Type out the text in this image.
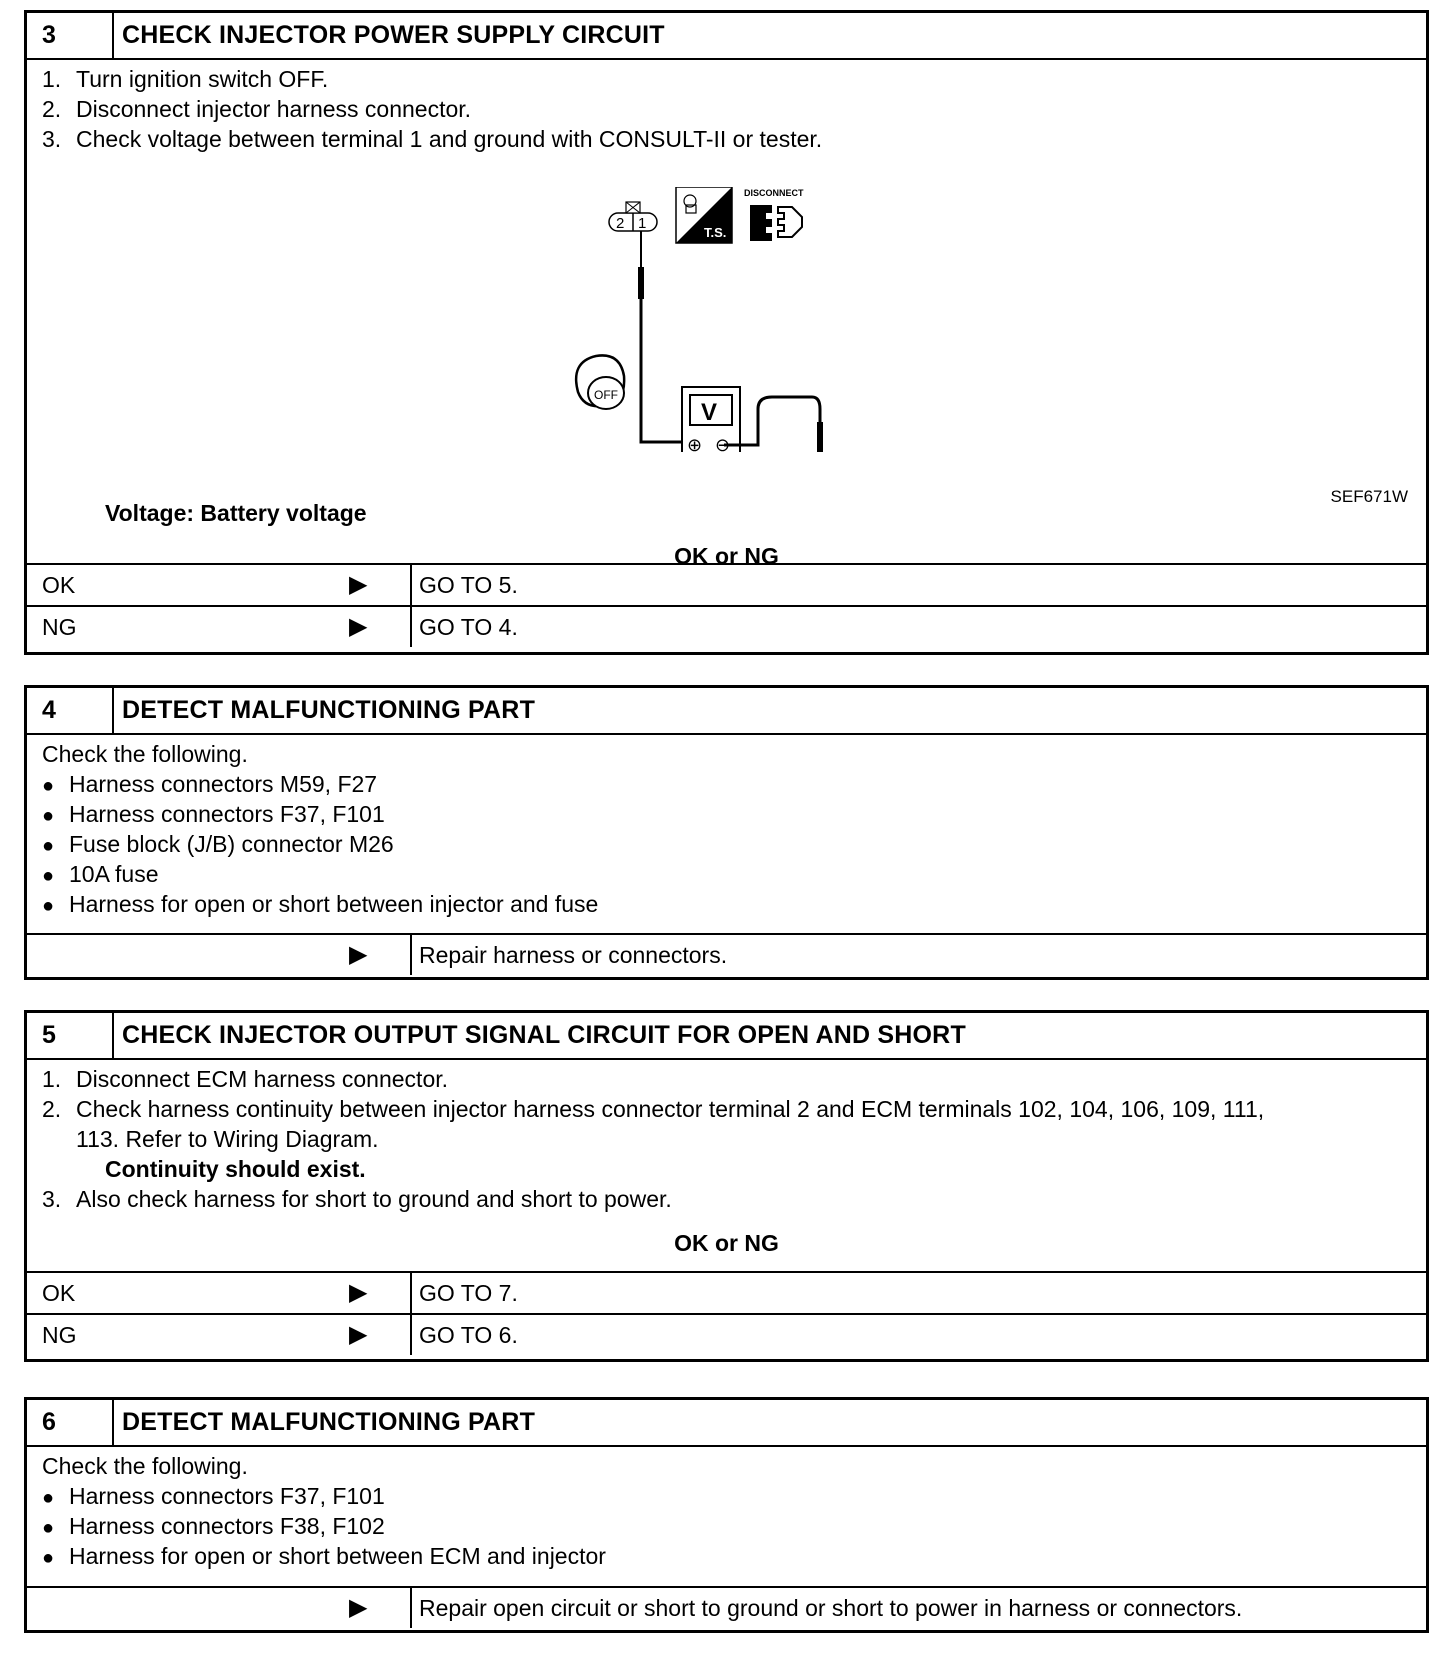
3	CHECK INJECTOR POWER SUPPLY CIRCUIT
1. Turn ignition switch OFF.
2. Disconnect injector harness connector.
3. Check voltage between terminal 1 and ground with CONSULT-II or tester.
2 1
T.S.
DISCONNECT
OFF
V
⊕ ⊖
SEF671W
Voltage: Battery voltage
OK or NG
OK	▶	GO TO 5.
NG	▶	GO TO 4.
4	DETECT MALFUNCTIONING PART
Check the following.
● Harness connectors M59, F27
● Harness connectors F37, F101
● Fuse block (J/B) connector M26
● 10A fuse
● Harness for open or short between injector and fuse
▶	Repair harness or connectors.
5	CHECK INJECTOR OUTPUT SIGNAL CIRCUIT FOR OPEN AND SHORT
1. Disconnect ECM harness connector.
2. Check harness continuity between injector harness connector terminal 2 and ECM terminals 102, 104, 106, 109, 111,
113. Refer to Wiring Diagram.
Continuity should exist.
3. Also check harness for short to ground and short to power.
OK or NG
OK	▶	GO TO 7.
NG	▶	GO TO 6.
6	DETECT MALFUNCTIONING PART
Check the following.
● Harness connectors F37, F101
● Harness connectors F38, F102
● Harness for open or short between ECM and injector
▶	Repair open circuit or short to ground or short to power in harness or connectors.
